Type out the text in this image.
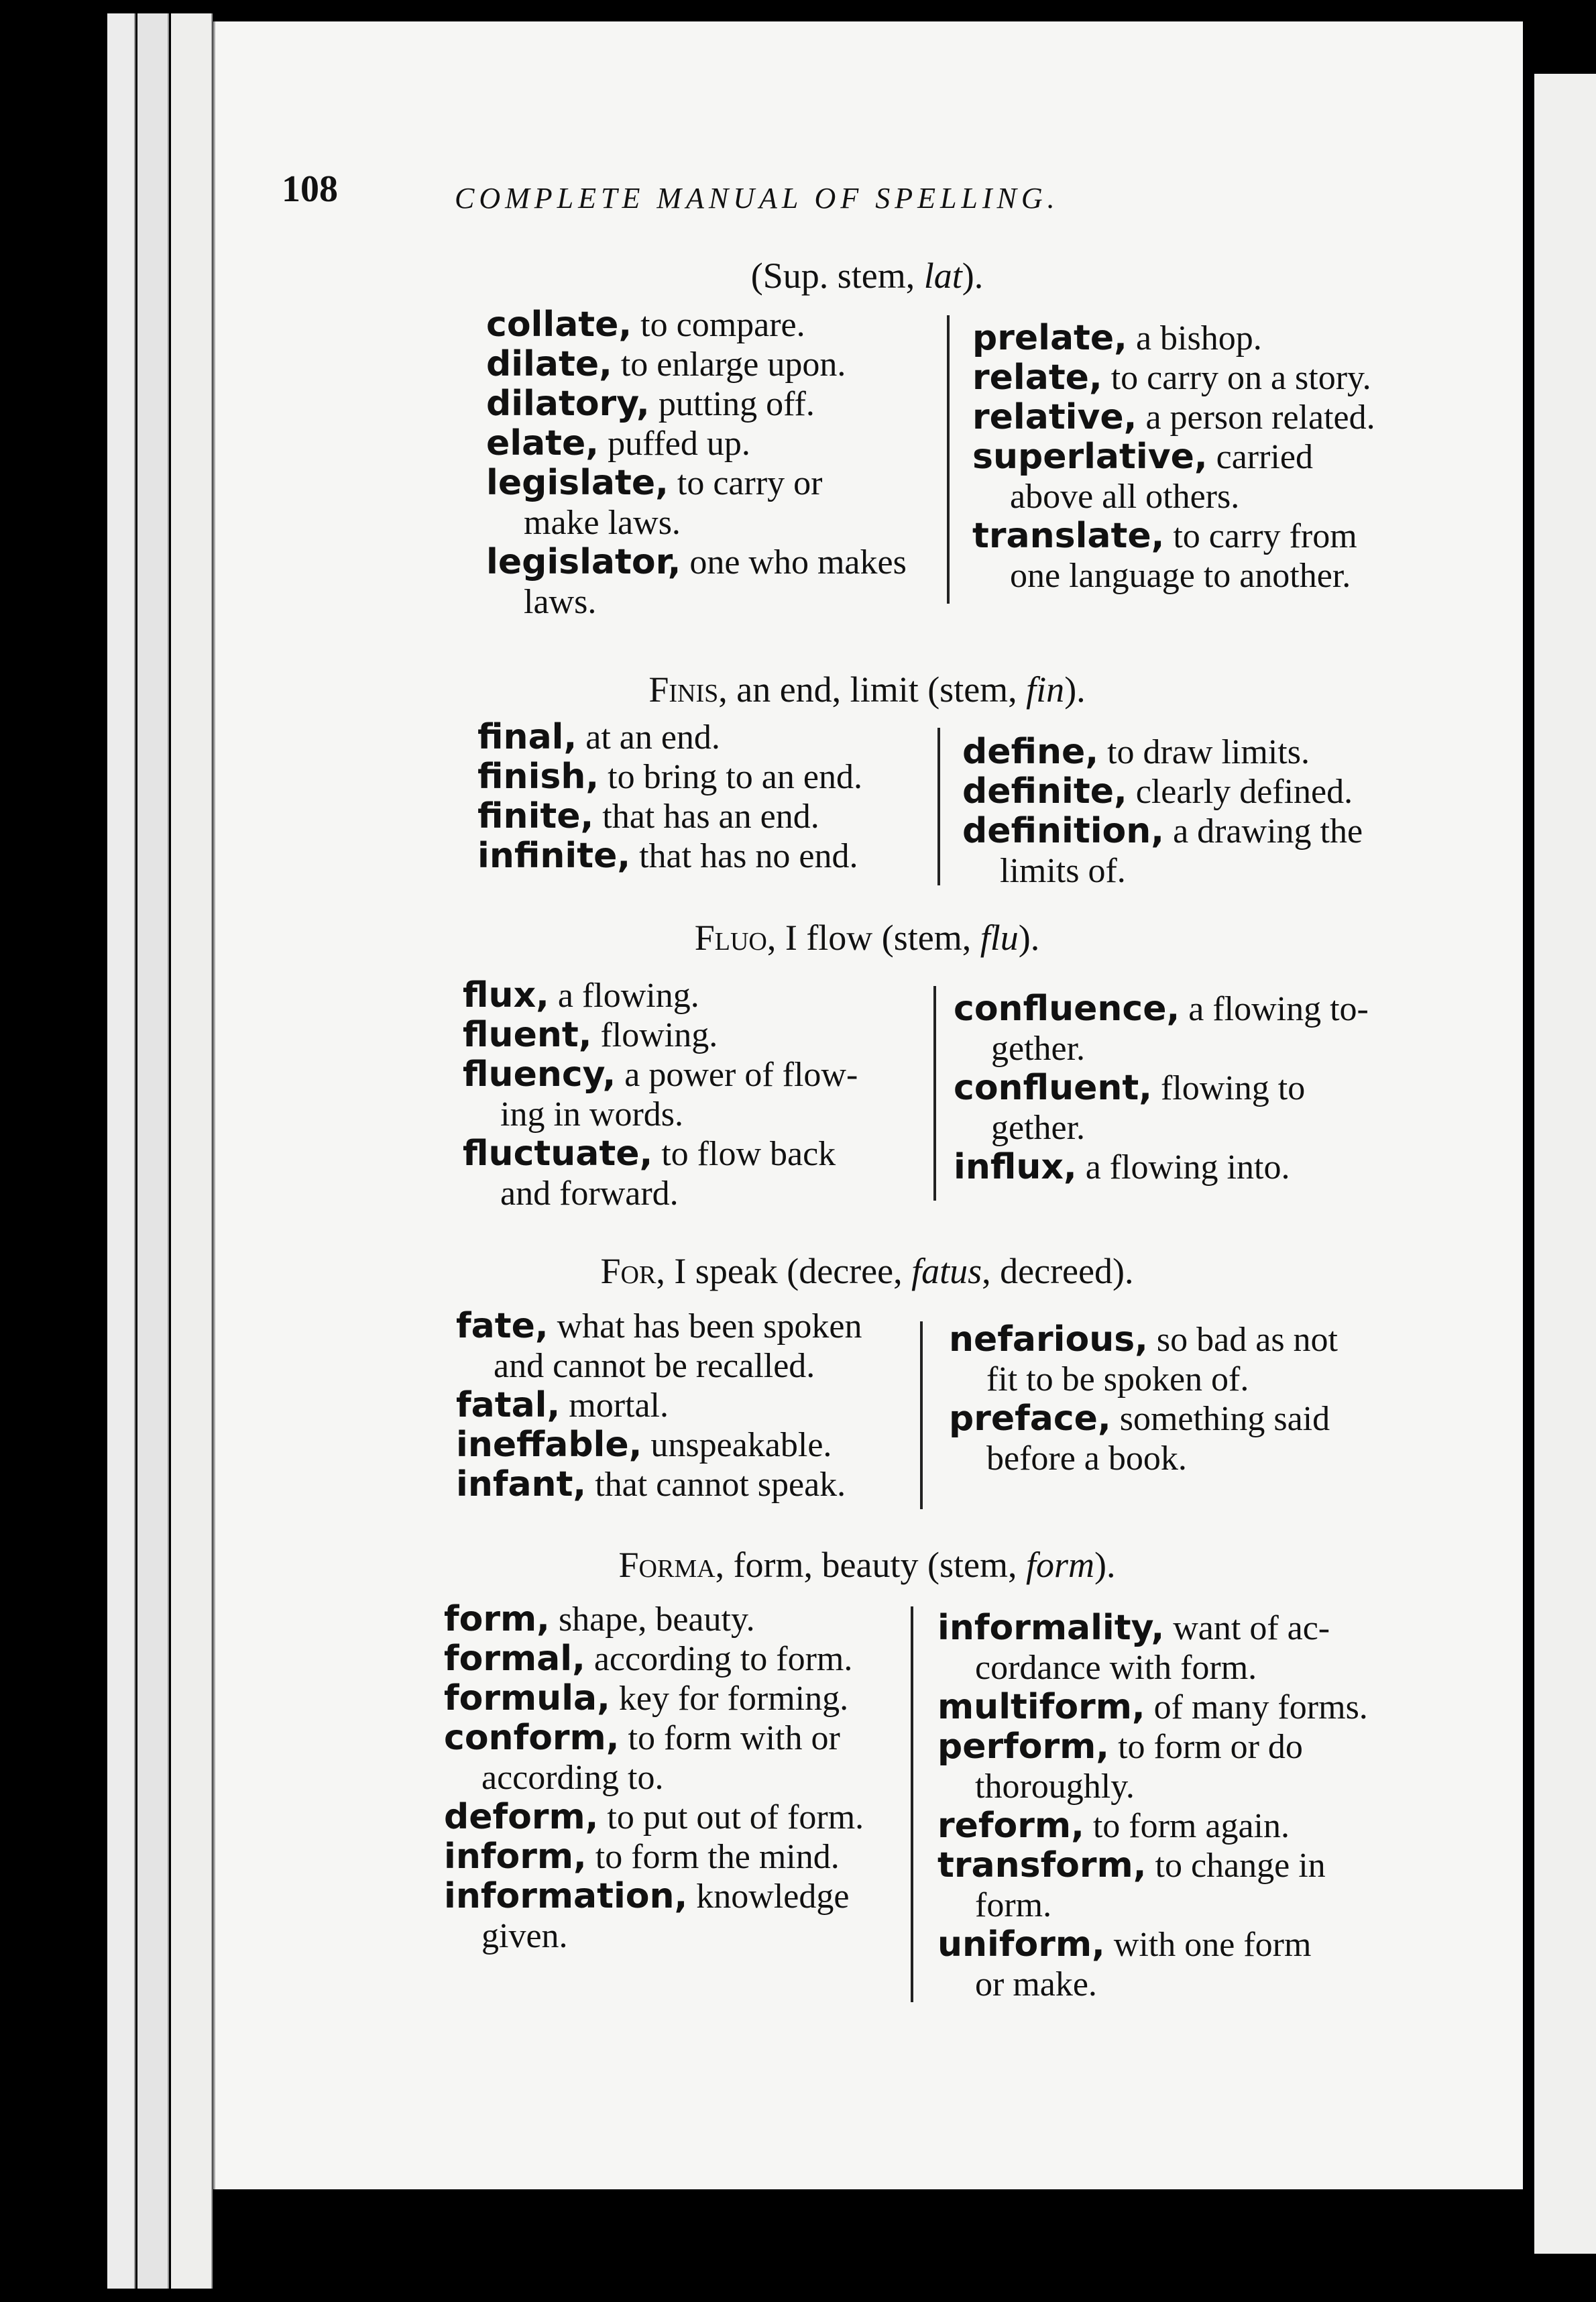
108	COMPLETE MANUAL OF SPELLING.
(Sup. stem, lat).

collate, to compare.

dilate, to enlarge upon.

dilatory, putting off.

elate, puffed up.

legislate, to carry or
make laws.

legislator, one who makes
laws.

prelate, a bishop.

relate, to carry on a story.

relative, a person related.

superlative, carried
above all others.

translate, to carry from
one language to another.

Finis, an end, limit (stem, fin).

final, at an end.

finish, to bring to an end.

finite, that has an end.

infinite, that has no end.

define, to draw limits.

definite, clearly defined.

definition, a drawing the
limits of.

Fluo, I flow (stem, flu).

flux, a flowing.

fluent, flowing.

fluency, a power of flow-
ing in words.

fluctuate, to flow back
and forward.

confluence, a flowing to-
gether.

confluent, flowing to
gether.

influx, a flowing into.

For, I speak (decree, fatus, decreed).

fate, what has been spoken
and cannot be recalled.

fatal, mortal.

ineffable, unspeakable.

infant, that cannot speak.

nefarious, so bad as not
fit to be spoken of.

preface, something said
before a book.

Forma, form, beauty (stem, form).

form, shape, beauty.

formal, according to form.

formula, key for forming.

conform, to form with or
according to.

deform, to put out of form.

inform, to form the mind.

information, knowledge
given.

informality, want of ac-
cordance with form.

multiform, of many forms.

perform, to form or do
thoroughly.

reform, to form again.

transform, to change in
form.

uniform, with one form
or make.
